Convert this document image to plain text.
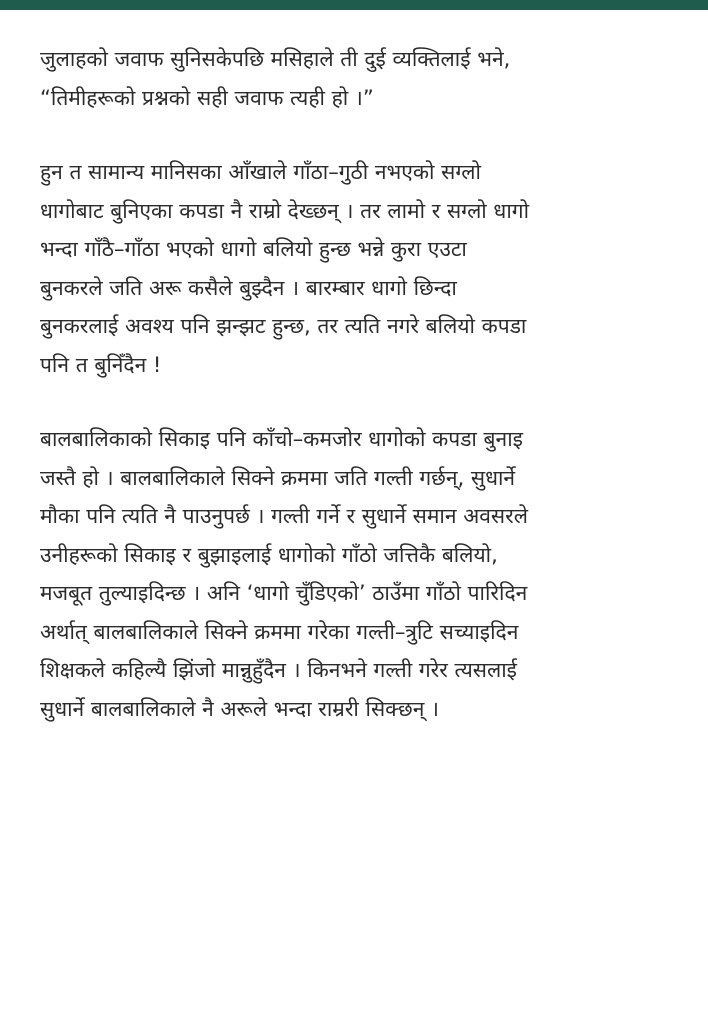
जुलाहको जवाफ सुनिसकेपछि मसिहाले ती दुई व्यक्तिलाई भने,
“तिमीहरूको प्रश्नको सही जवाफ त्यही हो ।”

हुन त सामान्य मानिसका आँखाले गाँठा–गुठी नभएको सग्लो
धागोबाट बुनिएका कपडा नै राम्रो देख्छन् । तर लामो र सग्लो धागो
भन्दा गाँठै–गाँठा भएको धागो बलियो हुन्छ भन्ने कुरा एउटा
बुनकरले जति अरू कसैले बुझ्दैन । बारम्बार धागो छिन्दा
बुनकरलाई अवश्य पनि झन्झट हुन्छ, तर त्यति नगरे बलियो कपडा
पनि त बुनिँदैन !

बालबालिकाको सिकाइ पनि काँचो–कमजोर धागोको कपडा बुनाइ
जस्तै हो । बालबालिकाले सिक्ने क्रममा जति गल्ती गर्छन्, सुधार्ने
मौका पनि त्यति नै पाउनुपर्छ । गल्ती गर्ने र सुधार्ने समान अवसरले
उनीहरूको सिकाइ र बुझाइलाई धागोको गाँठो जत्तिकै बलियो,
मजबूत तुल्याइदिन्छ । अनि ‘धागो चुँडिएको’ ठाउँमा गाँठो पारिदिन
अर्थात् बालबालिकाले सिक्ने क्रममा गरेका गल्ती–त्रुटि सच्याइदिन
शिक्षकले कहिल्यै झिंजो मान्नुहुँदैन । किनभने गल्ती गरेर त्यसलाई
सुधार्ने बालबालिकाले नै अरूले भन्दा राम्ररी सिक्छन् ।
